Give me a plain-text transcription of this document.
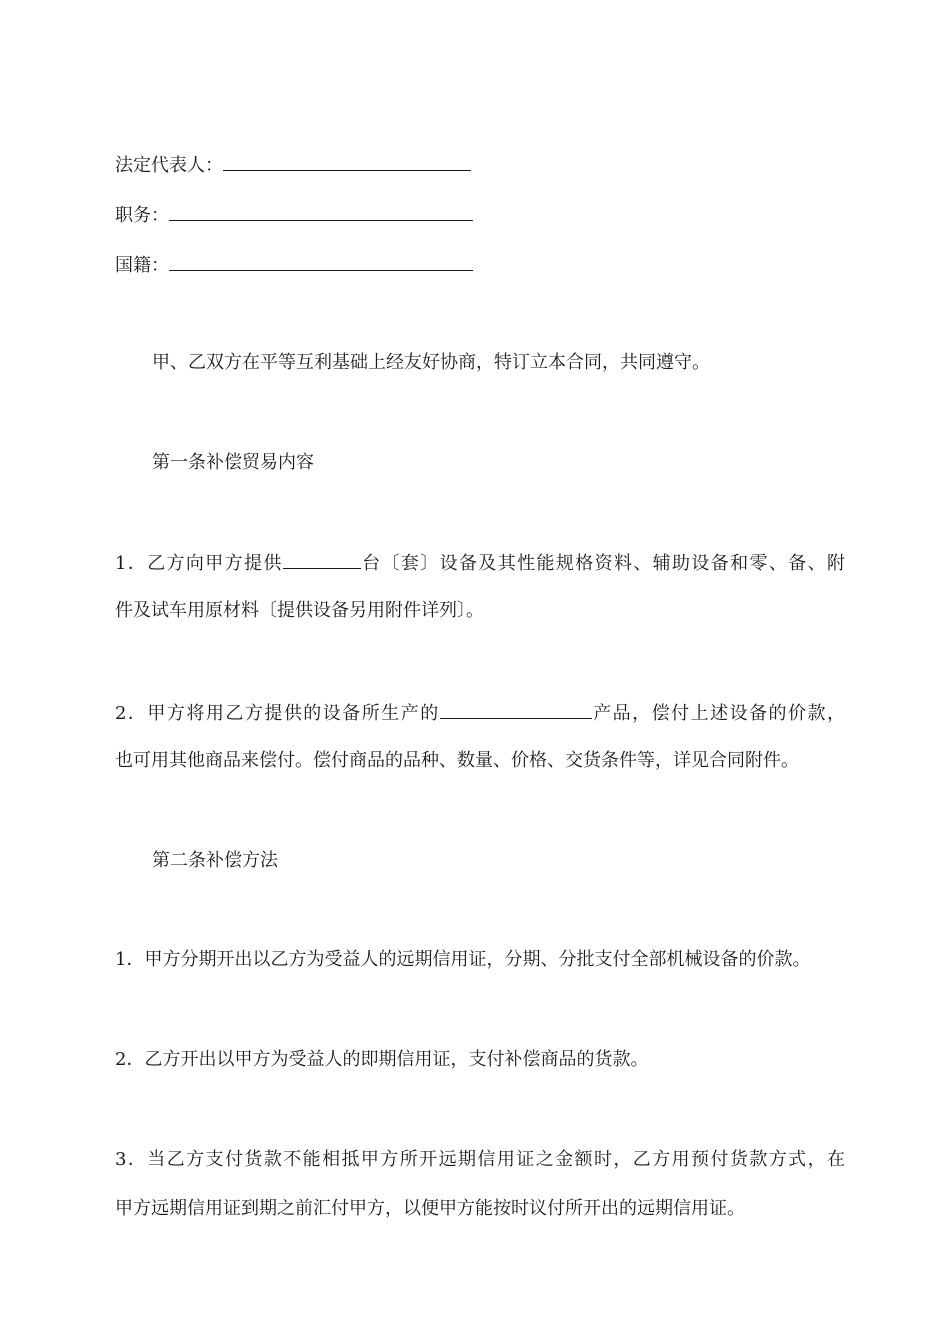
法定代表人：
职务：
国籍：
甲、乙双方在平等互利基础上经友好协商，特订立本合同，共同遵守。
第一条补偿贸易内容
1．乙方向甲方提供	台〔套〕设备及其性能规格资料、辅助设备和零、备、附
件及试车用原材料〔提供设备另用附件详列〕。
2．甲方将用乙方提供的设备所生产的	产品，偿付上述设备的价款，
也可用其他商品来偿付。偿付商品的品种、数量、价格、交货条件等，详见合同附件。
第二条补偿方法
1．甲方分期开出以乙方为受益人的远期信用证，分期、分批支付全部机械设备的价款。
2．乙方开出以甲方为受益人的即期信用证，支付补偿商品的货款。
3．当乙方支付货款不能相抵甲方所开远期信用证之金额时，乙方用预付货款方式，在
甲方远期信用证到期之前汇付甲方，以便甲方能按时议付所开出的远期信用证。
